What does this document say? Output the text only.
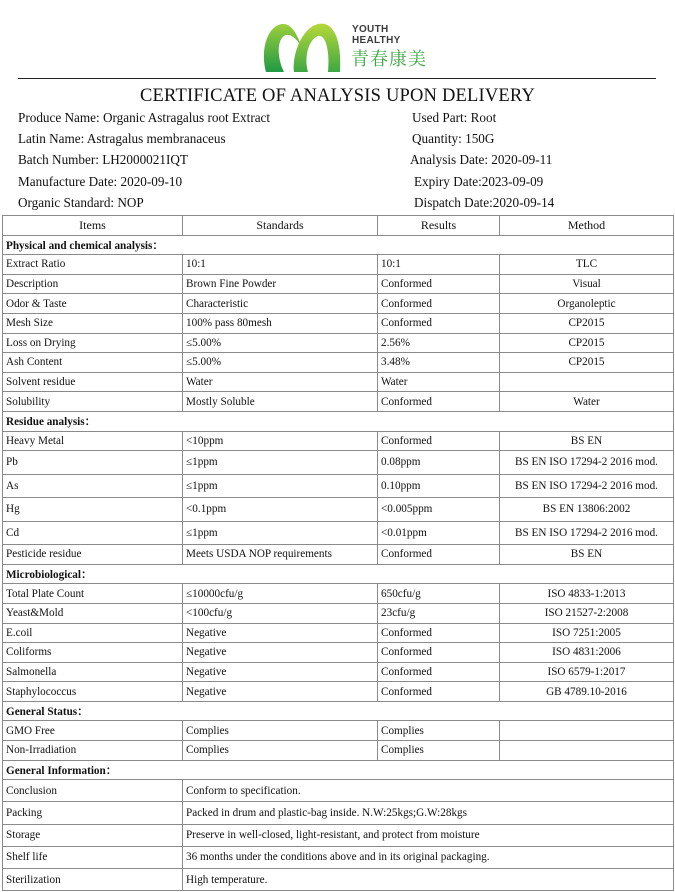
YOUTH
HEALTHY
青春康美
CERTIFICATE OF ANALYSIS UPON DELIVERY
Produce Name: Organic Astragalus root Extract
Latin Name: Astragalus membranaceus
Batch Number: LH2000021IQT
Manufacture Date: 2020-09-10
Organic Standard: NOP
Used Part: Root
Quantity: 150G
Analysis Date: 2020-09-11
Expiry Date:2023-09-09
Dispatch Date:2020-09-14
Items	Standards	Results	Method
Physical and chemical analysis：			
Extract Ratio	10:1	10:1	TLC
Description	Brown Fine Powder	Conformed	Visual
Odor & Taste	Characteristic	Conformed	Organoleptic
Mesh Size	100% pass 80mesh	Conformed	CP2015
Loss on Drying	≤5.00%	2.56%	CP2015
Ash Content	≤5.00%	3.48%	CP2015
Solvent residue	Water	Water	
Solubility	Mostly Soluble	Conformed	Water
Residue analysis：			
Heavy Metal	<10ppm	Conformed	BS EN
Pb	≤1ppm	0.08ppm	BS EN ISO 17294-2 2016 mod.
As	≤1ppm	0.10ppm	BS EN ISO 17294-2 2016 mod.
Hg	<0.1ppm	<0.005ppm	BS EN 13806:2002
Cd	≤1ppm	<0.01ppm	BS EN ISO 17294-2 2016 mod.
Pesticide residue	Meets USDA NOP requirements	Conformed	BS EN
Microbiological：			
Total Plate Count	≤10000cfu/g	650cfu/g	ISO 4833-1:2013
Yeast&Mold	<100cfu/g	23cfu/g	ISO 21527-2:2008
E.coil	Negative	Conformed	ISO 7251:2005
Coliforms	Negative	Conformed	ISO 4831:2006
Salmonella	Negative	Conformed	ISO 6579-1:2017
Staphylococcus	Negative	Conformed	GB 4789.10-2016
General Status：			
GMO Free	Complies	Complies	
Non-Irradiation	Complies	Complies	
General Information：			
Conclusion	Conform to specification.		
Packing	Packed in drum and plastic-bag inside. N.W:25kgs;G.W:28kgs		
Storage	Preserve in well-closed, light-resistant, and protect from moisture		
Shelf life	36 months under the conditions above and in its original packaging.		
Sterilization	High temperature.		
